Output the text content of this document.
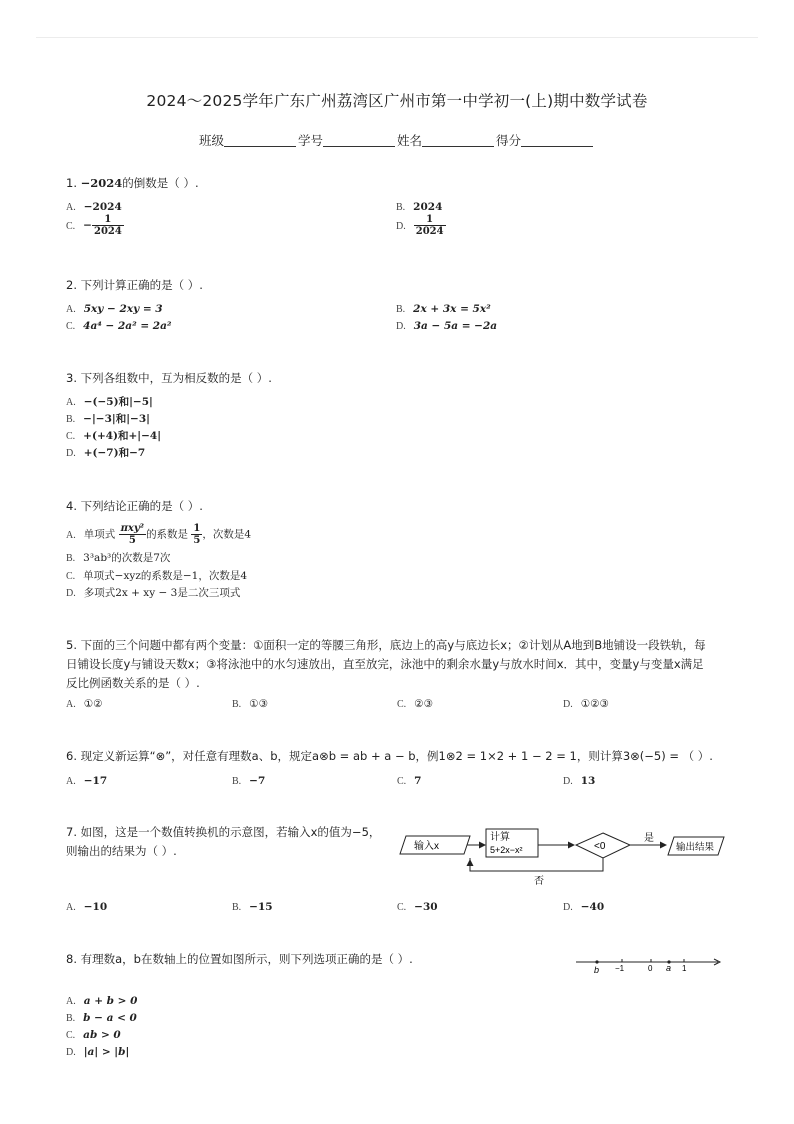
2024～2025学年广东广州荔湾区广州市第一中学初一(上)期中数学试卷
班级	学号	姓名	得分
1. −2024的倒数是（ ）.
A. −2024	B. 2024
C. − $\frac{1}{2024}$	D. $\frac{1}{2024}$
2. 下列计算正确的是（ ）.
A. 5xy − 2xy = 3	B. 2x + 3x = 5x²
C. 4a⁴ − 2a² = 2a²	D. 3a − 5a = −2a
3. 下列各组数中，互为相反数的是（ ）.
A. −(−5)和|−5|
B. −|−3|和|−3|
C. +(+4)和+|−4|
D. +(−7)和−7
4. 下列结论正确的是（ ）.
A. 单项式 $\frac{\text{πxy²}}{5}$ 的系数是 $\frac{1}{5}$ ，次数是4
B. 3³ab³的次数是7次
C. 单项式−xyz的系数是−1，次数是4
D. 多项式2x + xy − 3是二次三项式
5. 下面的三个问题中都有两个变量：①面积一定的等腰三角形，底边上的高y与底边长x；②计划从A地到B地铺设一段铁轨，每
日铺设长度y与铺设天数x；③将泳池中的水匀速放出，直至放完，泳池中的剩余水量y与放水时间x．其中，变量y与变量x满足
反比例函数关系的是（ ）.
A. ①②	B. ①③	C. ②③	D. ①②③
6. 现定义新运算“⊗”，对任意有理数a、b，规定a⊗b = ab + a − b，例1⊗2 = 1×2 + 1 − 2 = 1，则计算3⊗(−5) = （ ）.
A. −17	B. −7	C. 7	D. 13
7. 如图，这是一个数值转换机的示意图，若输入x的值为−5，
则输出的结果为（ ）.	输入x
计算
5+2x−x²	<0
是
输出结果
否
A. −10	B. −15	C. −30	D. −40
8. 有理数a，b在数轴上的位置如图所示，则下列选项正确的是（ ）.
b −1	0 a 1
A. a + b > 0
B. b − a < 0
C. ab > 0
D. |a| > |b|
